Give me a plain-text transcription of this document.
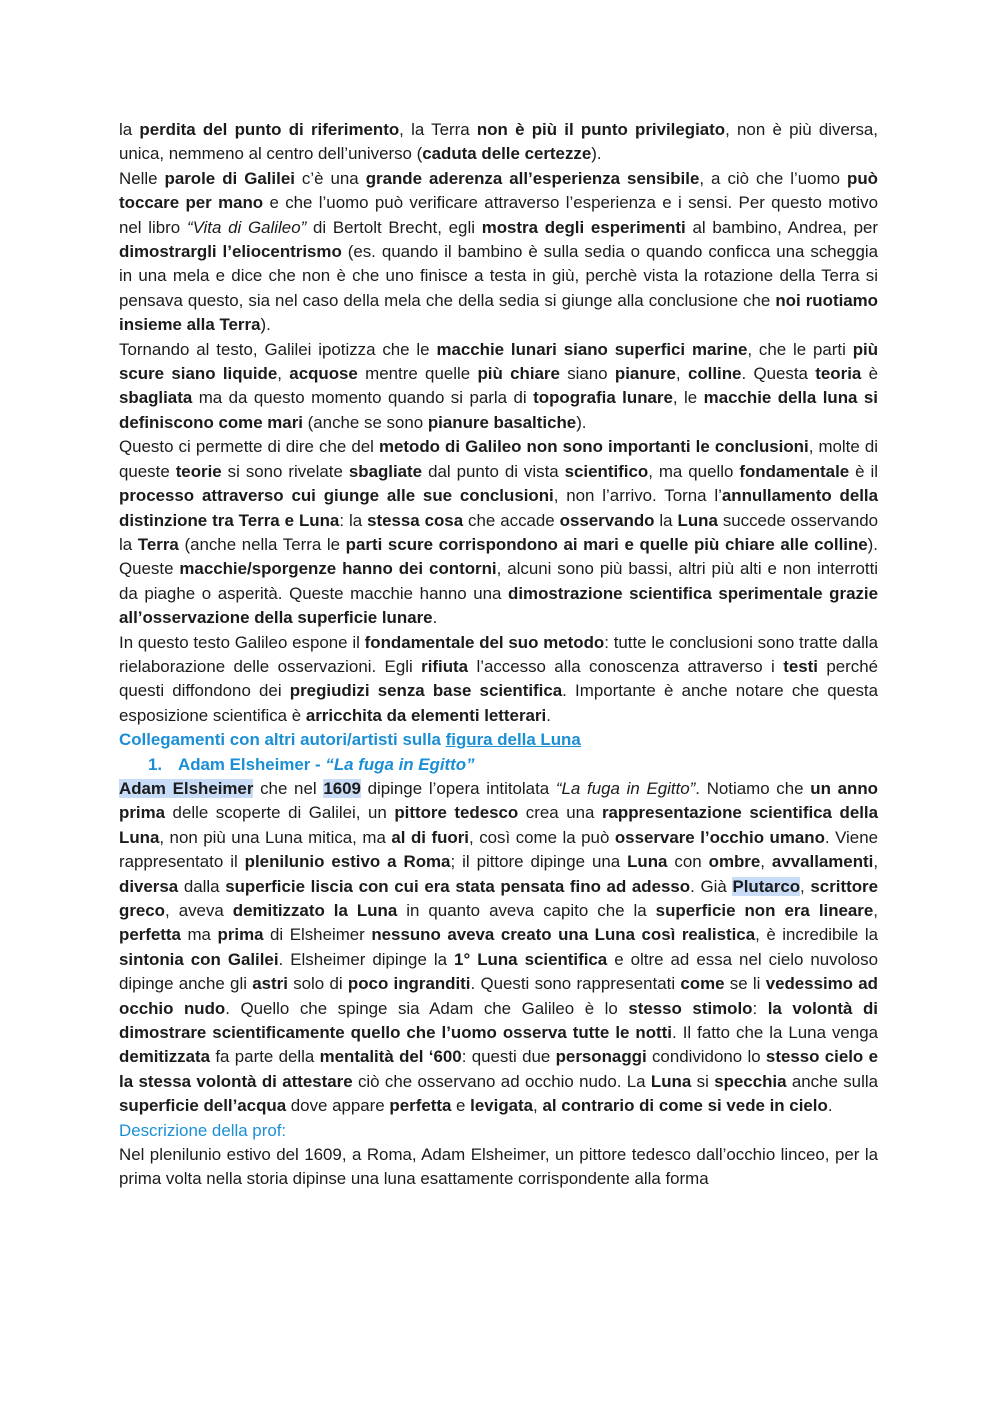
la perdita del punto di riferimento, la Terra non è più il punto privilegiato, non è più diversa, unica, nemmeno al centro dell’universo (caduta delle certezze).

Nelle parole di Galilei c’è una grande aderenza all’esperienza sensibile, a ciò che l’uomo può toccare per mano e che l’uomo può verificare attraverso l’esperienza e i sensi. Per questo motivo nel libro “Vita di Galileo” di Bertolt Brecht, egli mostra degli esperimenti al bambino, Andrea, per dimostrargli l’eliocentrismo (es. quando il bambino è sulla sedia o quando conficca una scheggia in una mela e dice che non è che uno finisce a testa in giù, perchè vista la rotazione della Terra si pensava questo, sia nel caso della mela che della sedia si giunge alla conclusione che noi ruotiamo insieme alla Terra).

Tornando al testo, Galilei ipotizza che le macchie lunari siano superfici marine, che le parti più scure siano liquide, acquose mentre quelle più chiare siano pianure, colline. Questa teoria è sbagliata ma da questo momento quando si parla di topografia lunare, le macchie della luna si definiscono come mari (anche se sono pianure basaltiche).

Questo ci permette di dire che del metodo di Galileo non sono importanti le conclusioni, molte di queste teorie si sono rivelate sbagliate dal punto di vista scientifico, ma quello fondamentale è il processo attraverso cui giunge alle sue conclusioni, non l’arrivo. Torna l’annullamento della distinzione tra Terra e Luna: la stessa cosa che accade osservando la Luna succede osservando la Terra (anche nella Terra le parti scure corrispondono ai mari e quelle più chiare alle colline). Queste macchie/sporgenze hanno dei contorni, alcuni sono più bassi, altri più alti e non interrotti da piaghe o asperità. Queste macchie hanno una dimostrazione scientifica sperimentale grazie all’osservazione della superficie lunare.

In questo testo Galileo espone il fondamentale del suo metodo: tutte le conclusioni sono tratte dalla rielaborazione delle osservazioni. Egli rifiuta l’accesso alla conoscenza attraverso i testi perché questi diffondono dei pregiudizi senza base scientifica. Importante è anche notare che questa esposizione scientifica è arricchita da elementi letterari.

Collegamenti con altri autori/artisti sulla figura della Luna

1. Adam Elsheimer - “La fuga in Egitto”

Adam Elsheimer che nel 1609 dipinge l’opera intitolata “La fuga in Egitto”. Notiamo che un anno prima delle scoperte di Galilei, un pittore tedesco crea una rappresentazione scientifica della Luna, non più una Luna mitica, ma al di fuori, così come la può osservare l’occhio umano. Viene rappresentato il plenilunio estivo a Roma; il pittore dipinge una Luna con ombre, avvallamenti, diversa dalla superficie liscia con cui era stata pensata fino ad adesso. Già Plutarco, scrittore greco, aveva demitizzato la Luna in quanto aveva capito che la superficie non era lineare, perfetta ma prima di Elsheimer nessuno aveva creato una Luna così realistica, è incredibile la sintonia con Galilei. Elsheimer dipinge la 1° Luna scientifica e oltre ad essa nel cielo nuvoloso dipinge anche gli astri solo di poco ingranditi. Questi sono rappresentati come se li vedessimo ad occhio nudo. Quello che spinge sia Adam che Galileo è lo stesso stimolo: la volontà di dimostrare scientificamente quello che l’uomo osserva tutte le notti. Il fatto che la Luna venga demitizzata fa parte della mentalità del ‘600: questi due personaggi condividono lo stesso cielo e la stessa volontà di attestare ciò che osservano ad occhio nudo. La Luna si specchia anche sulla superficie dell’acqua dove appare perfetta e levigata, al contrario di come si vede in cielo.

Descrizione della prof:

Nel plenilunio estivo del 1609, a Roma, Adam Elsheimer, un pittore tedesco dall’occhio linceo, per la prima volta nella storia dipinse una luna esattamente corrispondente alla forma
